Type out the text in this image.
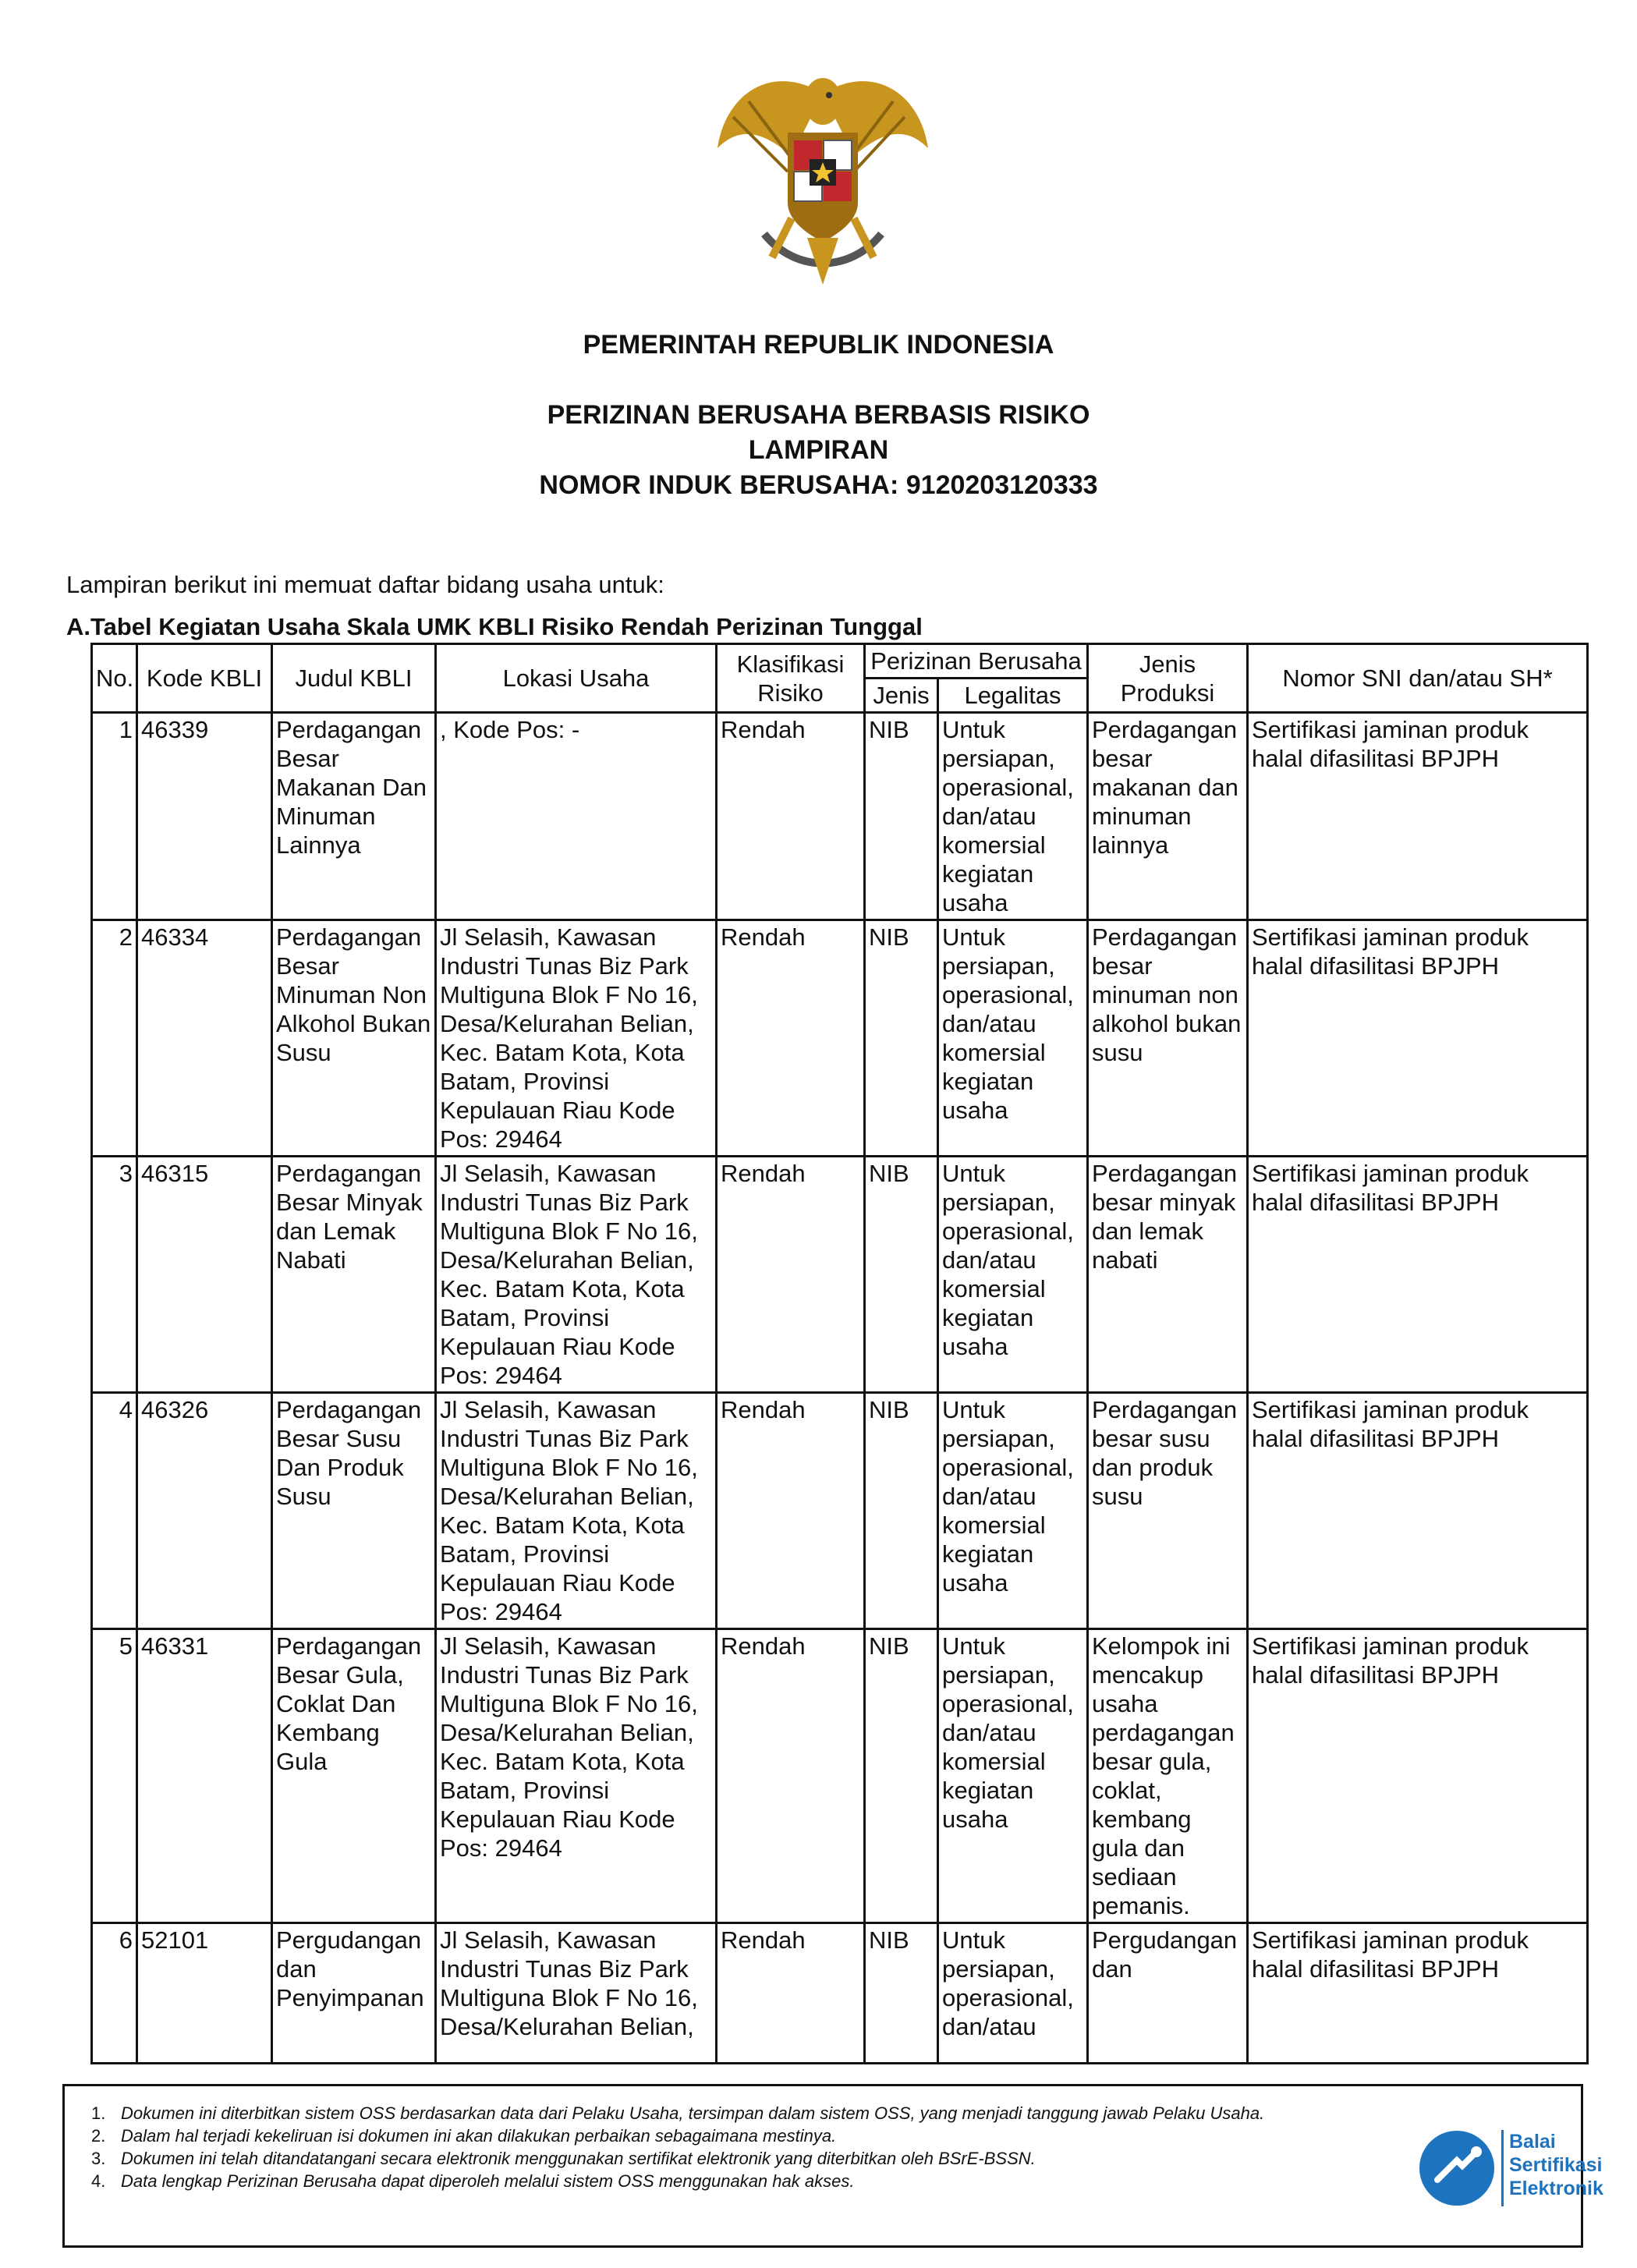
PEMERINTAH REPUBLIK INDONESIA
PERIZINAN BERUSAHA BERBASIS RISIKO
LAMPIRAN
NOMOR INDUK BERUSAHA: 9120203120333
Lampiran berikut ini memuat daftar bidang usaha untuk:
A.Tabel Kegiatan Usaha Skala UMK KBLI Risiko Rendah Perizinan Tunggal
No.	Kode KBLI	Judul KBLI	Lokasi Usaha	Klasifikasi Risiko	Perizinan Berusaha		Jenis Produksi	Nomor SNI dan/atau SH*
					Jenis	Legalitas		
1	46339	Perdagangan Besar Makanan Dan Minuman Lainnya	, Kode Pos: -	Rendah	NIB	Untuk persiapan, operasional, dan/atau komersial kegiatan usaha	Perdagangan besar makanan dan minuman lainnya	Sertifikasi jaminan produk halal difasilitasi BPJPH
2	46334	Perdagangan Besar Minuman Non Alkohol Bukan Susu	Jl Selasih, Kawasan Industri Tunas Biz Park Multiguna Blok F No 16, Desa/Kelurahan Belian, Kec. Batam Kota, Kota Batam, Provinsi Kepulauan Riau Kode Pos: 29464	Rendah	NIB	Untuk persiapan, operasional, dan/atau komersial kegiatan usaha	Perdagangan besar minuman non alkohol bukan susu	Sertifikasi jaminan produk halal difasilitasi BPJPH
3	46315	Perdagangan Besar Minyak dan Lemak Nabati	Jl Selasih, Kawasan Industri Tunas Biz Park Multiguna Blok F No 16, Desa/Kelurahan Belian, Kec. Batam Kota, Kota Batam, Provinsi Kepulauan Riau Kode Pos: 29464	Rendah	NIB	Untuk persiapan, operasional, dan/atau komersial kegiatan usaha	Perdagangan besar minyak dan lemak nabati	Sertifikasi jaminan produk halal difasilitasi BPJPH
4	46326	Perdagangan Besar Susu Dan Produk Susu	Jl Selasih, Kawasan Industri Tunas Biz Park Multiguna Blok F No 16, Desa/Kelurahan Belian, Kec. Batam Kota, Kota Batam, Provinsi Kepulauan Riau Kode Pos: 29464	Rendah	NIB	Untuk persiapan, operasional, dan/atau komersial kegiatan usaha	Perdagangan besar susu dan produk susu	Sertifikasi jaminan produk halal difasilitasi BPJPH
5	46331	Perdagangan Besar Gula, Coklat Dan Kembang Gula	Jl Selasih, Kawasan Industri Tunas Biz Park Multiguna Blok F No 16, Desa/Kelurahan Belian, Kec. Batam Kota, Kota Batam, Provinsi Kepulauan Riau Kode Pos: 29464	Rendah	NIB	Untuk persiapan, operasional, dan/atau komersial kegiatan usaha	Kelompok ini mencakup usaha perdagangan besar gula, coklat, kembang gula dan sediaan pemanis.	Sertifikasi jaminan produk halal difasilitasi BPJPH
6	52101	Pergudangan dan Penyimpanan	Jl Selasih, Kawasan Industri Tunas Biz Park Multiguna Blok F No 16, Desa/Kelurahan Belian,	Rendah	NIB	Untuk persiapan, operasional, dan/atau	Pergudangan dan	Sertifikasi jaminan produk halal difasilitasi BPJPH
1. Dokumen ini diterbitkan sistem OSS berdasarkan data dari Pelaku Usaha, tersimpan dalam sistem OSS, yang menjadi tanggung jawab Pelaku Usaha.
2. Dalam hal terjadi kekeliruan isi dokumen ini akan dilakukan perbaikan sebagaimana mestinya.
3. Dokumen ini telah ditandatangani secara elektronik menggunakan sertifikat elektronik yang diterbitkan oleh BSrE-BSSN.
4. Data lengkap Perizinan Berusaha dapat diperoleh melalui sistem OSS menggunakan hak akses.
Balai
Sertifikasi
Elektronik
